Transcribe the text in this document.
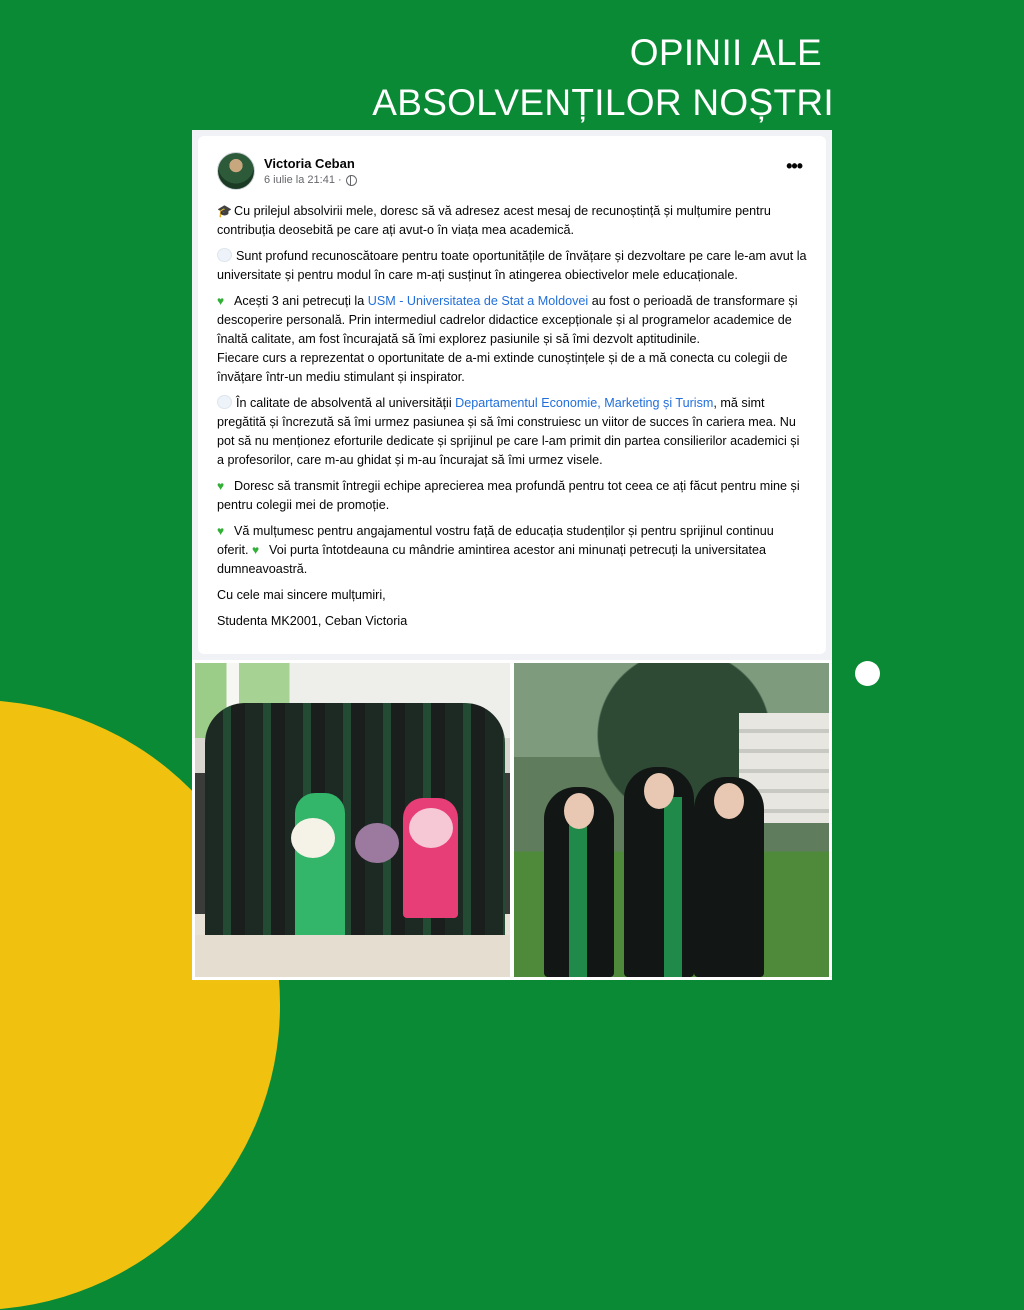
OPINII ALE
ABSOLVENȚILOR NOȘTRI
Victoria Ceban
6 iulie la 21:41 ·
•••

🎓 Cu prilejul absolvirii mele, doresc să vă adresez acest mesaj de recunoștință și mulțumire pentru contribuția deosebită pe care ați avut-o în viața mea academică.

Sunt profund recunoscătoare pentru toate oportunitățile de învățare și dezvoltare pe care le-am avut la universitate și pentru modul în care m-ați susținut în atingerea obiectivelor mele educaționale.

♥ Acești 3 ani petrecuți la USM - Universitatea de Stat a Moldovei au fost o perioadă de transformare și descoperire personală. Prin intermediul cadrelor didactice excepționale și al programelor academice de înaltă calitate, am fost încurajată să îmi explorez pasiunile și să îmi dezvolt aptitudinile.
Fiecare curs a reprezentat o oportunitate de a-mi extinde cunoștințele și de a mă conecta cu colegii de învățare într-un mediu stimulant și inspirator.

În calitate de absolventă al universității Departamentul Economie, Marketing și Turism, mă simt pregătită și încrezută să îmi urmez pasiunea și să îmi construiesc un viitor de succes în cariera mea. Nu pot să nu menționez eforturile dedicate și sprijinul pe care l-am primit din partea consilierilor academici și a profesorilor, care m-au ghidat și m-au încurajat să îmi urmez visele.

♥ Doresc să transmit întregii echipe aprecierea mea profundă pentru tot ceea ce ați făcut pentru mine și pentru colegii mei de promoție.

♥ Vă mulțumesc pentru angajamentul vostru față de educația studenților și pentru sprijinul continuu oferit. ♥ Voi purta întotdeauna cu mândrie amintirea acestor ani minunați petrecuți la universitatea dumneavoastră.

Cu cele mai sincere mulțumiri,

Studenta MK2001, Ceban Victoria
